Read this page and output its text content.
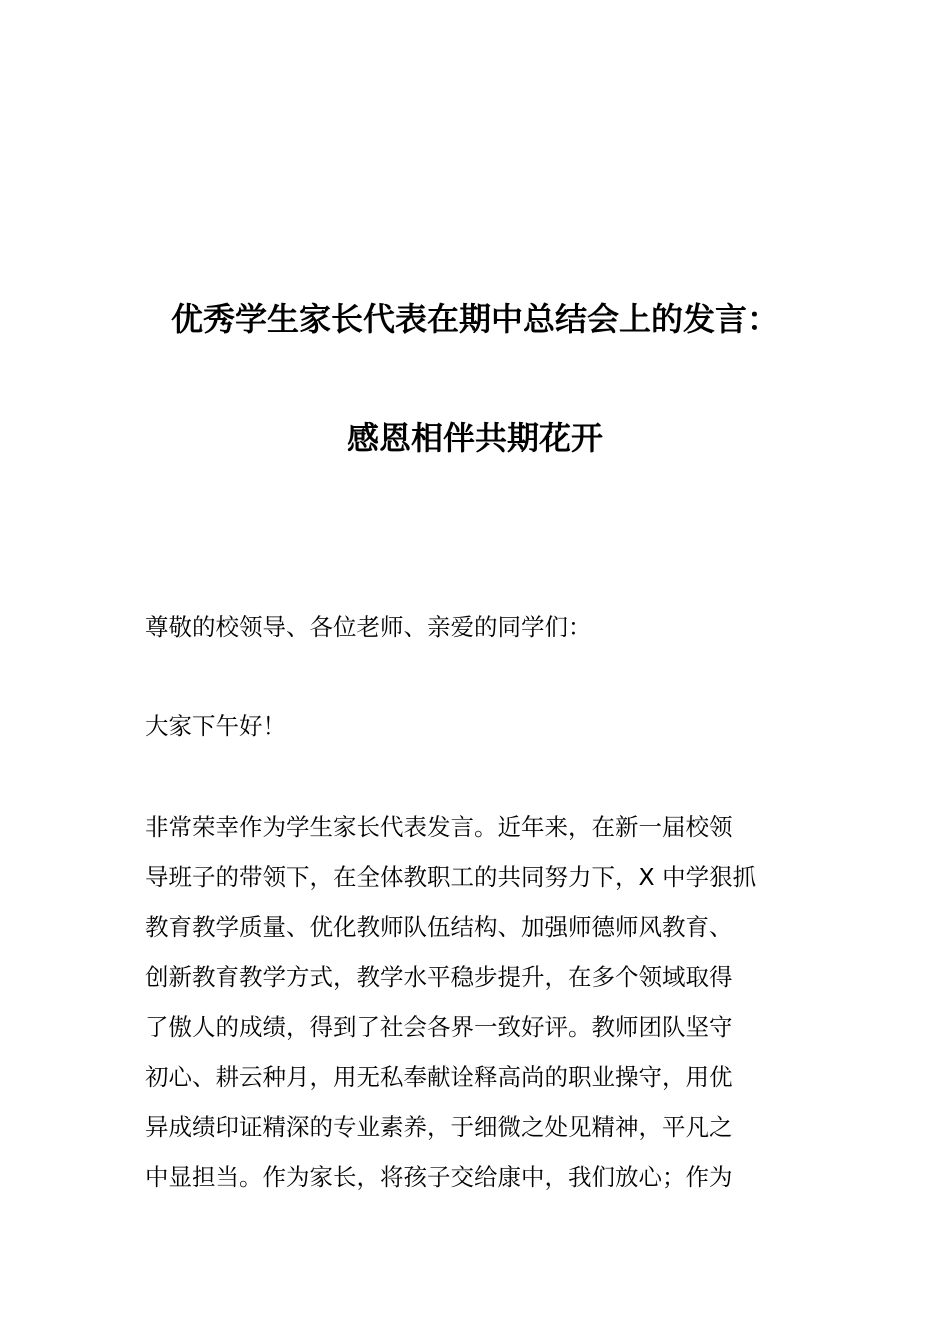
优秀学生家长代表在期中总结会上的发言：
感恩相伴共期花开
尊敬的校领导、各位老师、亲爱的同学们：
大家下午好！
非常荣幸作为学生家长代表发言。近年来，在新一届校领
导班子的带领下，在全体教职工的共同努力下，X 中学狠抓
教育教学质量、优化教师队伍结构、加强师德师风教育、
创新教育教学方式，教学水平稳步提升，在多个领域取得
了傲人的成绩，得到了社会各界一致好评。教师团队坚守
初心、耕云种月，用无私奉献诠释高尚的职业操守，用优
异成绩印证精深的专业素养，于细微之处见精神，平凡之
中显担当。作为家长，将孩子交给康中，我们放心；作为
